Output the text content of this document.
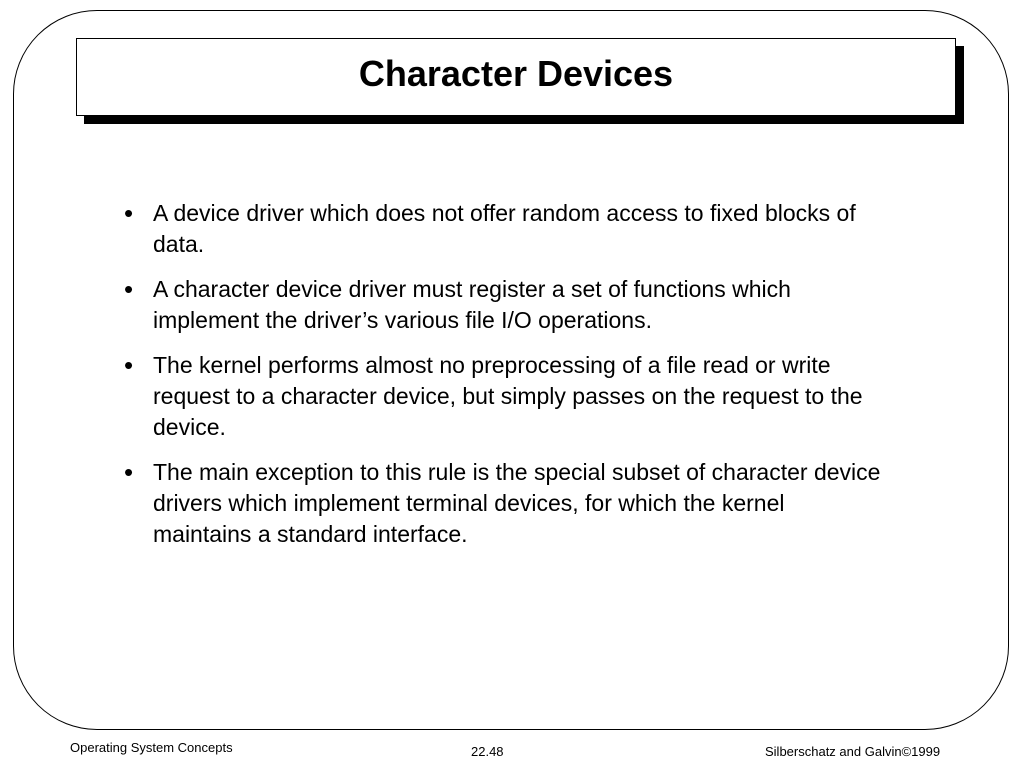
Character Devices
• A device driver which does not offer random access to fixed blocks of data.
• A character device driver must register a set of functions which implement the driver’s various file I/O operations.
• The kernel performs almost no preprocessing of a file read or write request to a character device, but simply passes on the request to the device.
• The main exception to this rule is the special subset of character device drivers which implement terminal devices, for which the kernel maintains a standard interface.
Operating System Concepts	22.48	Silberschatz and Galvin©1999
